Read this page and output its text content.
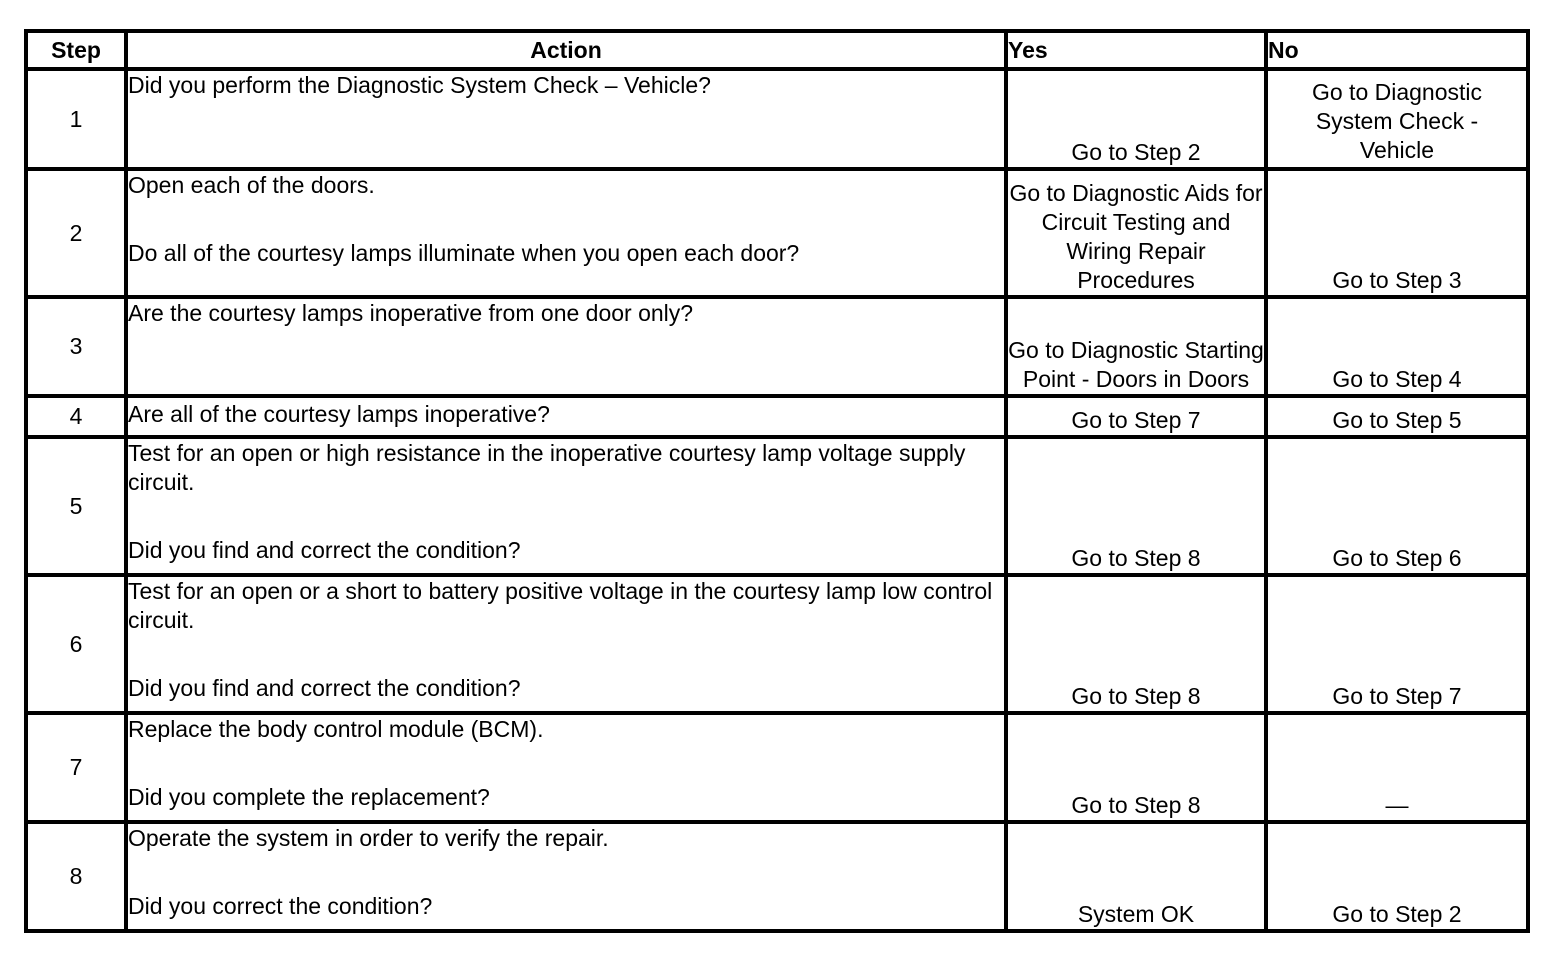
Step	Action	Yes	No
1	Did you perform the Diagnostic System Check – Vehicle?	Go to Step 2	Go to Diagnostic System Check - Vehicle
2	Open each of the doors.
Do all of the courtesy lamps illuminate when you open each door?	Go to Diagnostic Aids for Circuit Testing and Wiring Repair Procedures	Go to Step 3
3	Are the courtesy lamps inoperative from one door only?	Go to Diagnostic Starting Point - Doors in Doors	Go to Step 4
4	Are all of the courtesy lamps inoperative?	Go to Step 7	Go to Step 5
5	Test for an open or high resistance in the inoperative courtesy lamp voltage supply circuit.
Did you find and correct the condition?	Go to Step 8	Go to Step 6
6	Test for an open or a short to battery positive voltage in the courtesy lamp low control circuit.
Did you find and correct the condition?	Go to Step 8	Go to Step 7
7	Replace the body control module (BCM).
Did you complete the replacement?	Go to Step 8	—
8	Operate the system in order to verify the repair.
Did you correct the condition?	System OK	Go to Step 2
